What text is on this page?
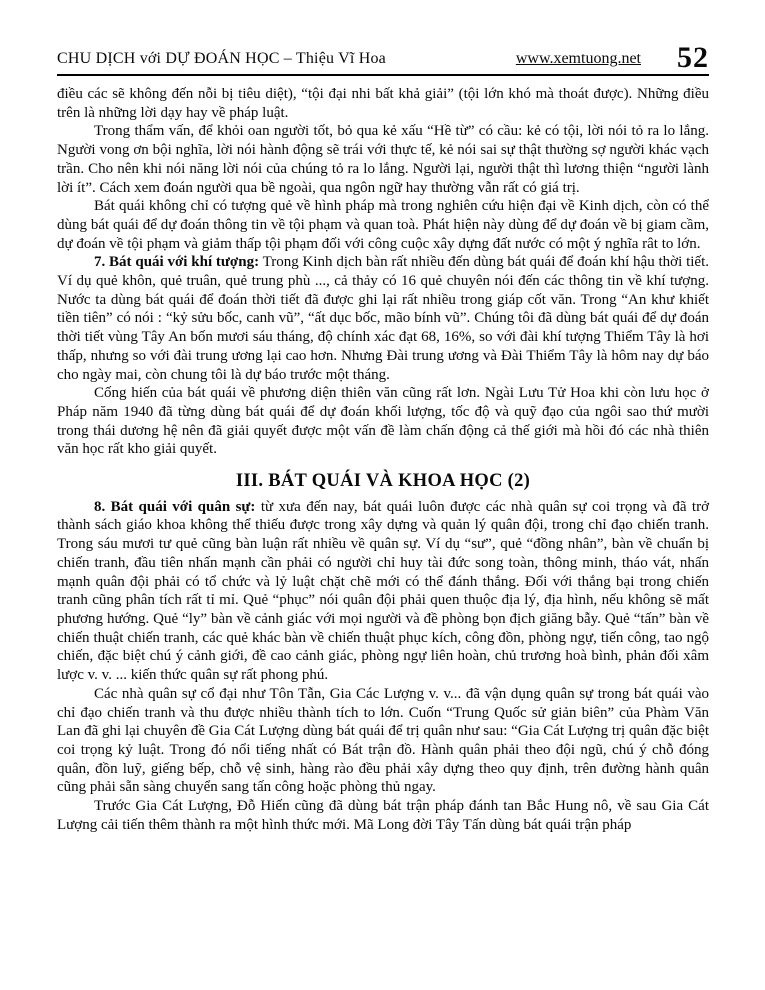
CHU DỊCH với DỰ ĐOÁN HỌC – Thiệu Vĩ Hoa	www.xemtuong.net 52

điều các sẽ không đến nỗi bị tiêu diệt), “tội đại nhi bất khả giải” (tội lớn khó mà thoát được). Những điều trên là những lời dạy hay về pháp luật.

Trong thẩm vấn, để khỏi oan người tốt, bỏ qua kẻ xấu “Hề từ” có cầu: kẻ có tội, lời nói tỏ ra lo lắng. Người vong ơn bội nghĩa, lời nói hành động sẽ trái với thực tế, kẻ nói sai sự thật thường sợ người khác vạch trần. Cho nên khi nói năng lời nói của chúng tỏ ra lo lắng. Người lại, người thật thì lương thiện “người lành lời ít”. Cách xem đoán người qua bề ngoài, qua ngôn ngữ hay thường vẫn rất có giá trị.

Bát quái không chỉ có tượng quẻ về hình pháp mà trong nghiên cứu hiện đại về Kinh dịch, còn có thể dùng bát quái để dự đoán thông tin về tội phạm và quan toà. Phát hiện này dùng để dự đoán về bị giam cầm, dự đoán về tội phạm và giảm thấp tội phạm đối với công cuộc xây dựng đất nước có một ý nghĩa rât to lớn.

7. Bát quái với khí tượng: Trong Kinh dịch bàn rất nhiều đến dùng bát quái để đoán khí hậu thời tiết. Ví dụ quẻ khôn, quẻ truân, quẻ trung phù ..., cả thảy có 16 quẻ chuyên nói đến các thông tin về khí tượng. Nước ta dùng bát quái để đoán thời tiết đã được ghi lại rất nhiều trong giáp cốt văn. Trong “An khư khiết tiền tiên” có nói : “kỷ sửu bốc, canh vũ”, “ất dục bốc, mão bính vũ”. Chúng tôi đã dùng bát quái để dự đoán thời tiết vùng Tây An bốn mươi sáu tháng, độ chính xác đạt 68, 16%, so với đài khí tượng Thiểm Tây là hơi thấp, nhưng so với đài trung ương lại cao hơn. Nhưng Đài trung ương và Đài Thiểm Tây là hôm nay dự báo cho ngày mai, còn chung tôi là dự báo trước một tháng.

Cống hiến của bát quái về phương diện thiên văn cũng rất lơn. Ngài Lưu Tử Hoa khi còn lưu học ở Pháp năm 1940 đã từng dùng bát quái để dự đoán khối lượng, tốc độ và quỹ đạo của ngôi sao thứ mười trong thái dương hệ nên đã giải quyết được một vấn đề làm chấn động cả thế giới mà hồi đó các nhà thiên văn học rất kho giải quyết.

III. BÁT QUÁI VÀ KHOA HỌC (2)

8. Bát quái với quân sự: từ xưa đến nay, bát quái luôn được các nhà quân sự coi trọng và đã trở thành sách giáo khoa không thể thiếu được trong xây dựng và quản lý quân đội, trong chỉ đạo chiến tranh. Trong sáu mươi tư quẻ cũng bàn luận rất nhiều về quân sự. Ví dụ “sư”, quẻ “đồng nhân”, bàn về chuẩn bị chiến tranh, đầu tiên nhấn mạnh cần phải có người chỉ huy tài đức song toàn, thông minh, tháo vát, nhấn mạnh quân đội phải có tổ chức và lỷ luật chặt chẽ mới có thể đánh thắng. Đối với thắng bại trong chiến tranh cũng phân tích rất tỉ mỉ. Quẻ “phục” nói quân đội phải quen thuộc địa lý, địa hình, nếu không sẽ mất phương hướng. Quẻ “ly” bàn về cảnh giác với mọi người và đề phòng bọn địch giăng bẫy. Quẻ “tấn” bàn về chiến thuật chiến tranh, các quẻ khác bàn về chiến thuật phục kích, công đồn, phòng ngự, tiến công, tao ngộ chiến, đặc biệt chú ý cảnh giới, đề cao cảnh giác, phòng ngự liên hoàn, chủ trương hoà bình, phản đối xâm lược v. v. ... kiến thức quân sự rất phong phú.

Các nhà quân sự cổ đại như Tôn Tẫn, Gia Các Lượng v. v... đã vận dụng quân sự trong bát quái vào chỉ đạo chiến tranh và thu được nhiều thành tích to lớn. Cuốn “Trung Quốc sử giản biên” của Phàm Văn Lan đã ghi lại chuyên đề Gia Cát Lượng dùng bát quái để trị quân như sau: “Gia Cát Lượng trị quân đặc biệt coi trọng kỷ luật. Trong đó nổi tiếng nhất có Bát trận đồ. Hành quân phải theo đội ngũ, chú ý chỗ đóng quân, đồn luỹ, giếng bếp, chỗ vệ sinh, hàng rào đều phải xây dựng theo quy định, trên đường hành quân cũng phải sẵn sàng chuyển sang tấn công hoặc phòng thủ ngay.

Trước Gia Cát Lượng, Đỗ Hiến cũng đã dùng bát trận pháp đánh tan Bắc Hung nô, về sau Gia Cát Lượng cải tiến thêm thành ra một hình thức mới. Mã Long đời Tây Tấn dùng bát quái trận pháp
